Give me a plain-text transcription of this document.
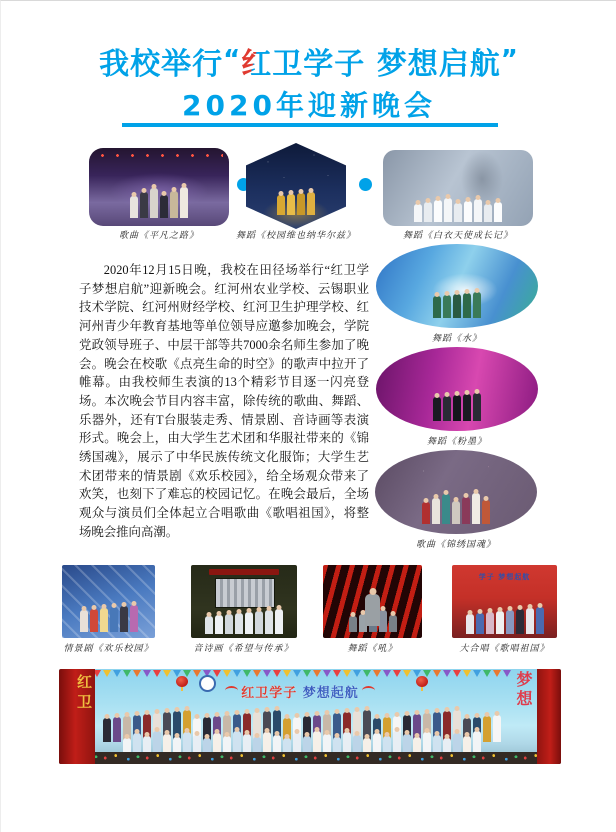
我校举行“红卫学子 梦想启航”
2020年迎新晚会
歌曲《平凡之路》	舞蹈《校园维也纳华尔兹》	舞蹈《白衣天使成长记》
2020年12月15日晚，我校在田径场举行“红卫学子梦想启航”迎新晚会。红河州农业学校、云锡职业技术学院、红河州财经学校、红河卫生护理学校、红河州青少年教育基地等单位领导应邀参加晚会，学院党政领导班子、中层干部等共7000余名师生参加了晚会。晚会在校歌《点亮生命的时空》的歌声中拉开了帷幕。由我校师生表演的13个精彩节目逐一闪亮登场。本次晚会节目内容丰富，除传统的歌曲、舞蹈、乐器外，还有T台服装走秀、情景剧、音诗画等表演形式。晚会上，由大学生艺术团和华服社带来的《锦绣国魂》，展示了中华民族传统文化服饰；大学生艺术团带来的情景剧《欢乐校园》，给全场观众带来了欢笑，也刻下了难忘的校园记忆。在晚会最后，全场观众与演员们全体起立合唱歌曲《歌唱祖国》，将整场晚会推向高潮。
舞蹈《水》
舞蹈《粉墨》
歌曲《锦绣国魂》
学子 梦想起航
情景剧《欢乐校园》	音诗画《希望与传承》	舞蹈《吼》	大合唱《歌唱祖国》
红卫学子 梦想起航	梦想
红卫
